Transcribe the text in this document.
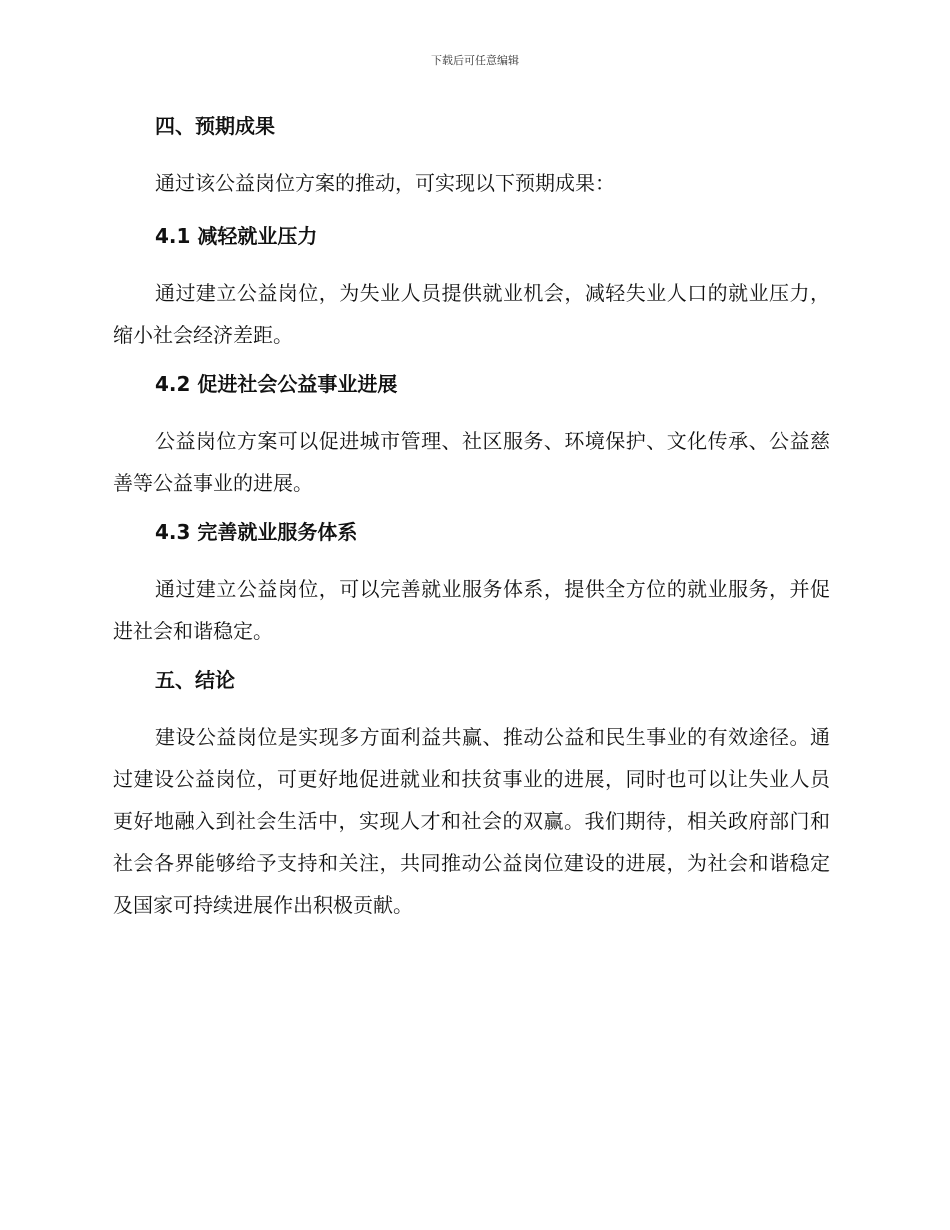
下载后可任意编辑
四、预期成果
通过该公益岗位方案的推动，可实现以下预期成果：
4.1 减轻就业压力
通过建立公益岗位，为失业人员提供就业机会，减轻失业人口的就业压力，缩小社会经济差距。
4.2 促进社会公益事业进展
公益岗位方案可以促进城市管理、社区服务、环境保护、文化传承、公益慈善等公益事业的进展。
4.3 完善就业服务体系
通过建立公益岗位，可以完善就业服务体系，提供全方位的就业服务，并促进社会和谐稳定。
五、结论
建设公益岗位是实现多方面利益共赢、推动公益和民生事业的有效途径。通过建设公益岗位，可更好地促进就业和扶贫事业的进展，同时也可以让失业人员更好地融入到社会生活中，实现人才和社会的双赢。我们期待，相关政府部门和社会各界能够给予支持和关注，共同推动公益岗位建设的进展，为社会和谐稳定及国家可持续进展作出积极贡献。
